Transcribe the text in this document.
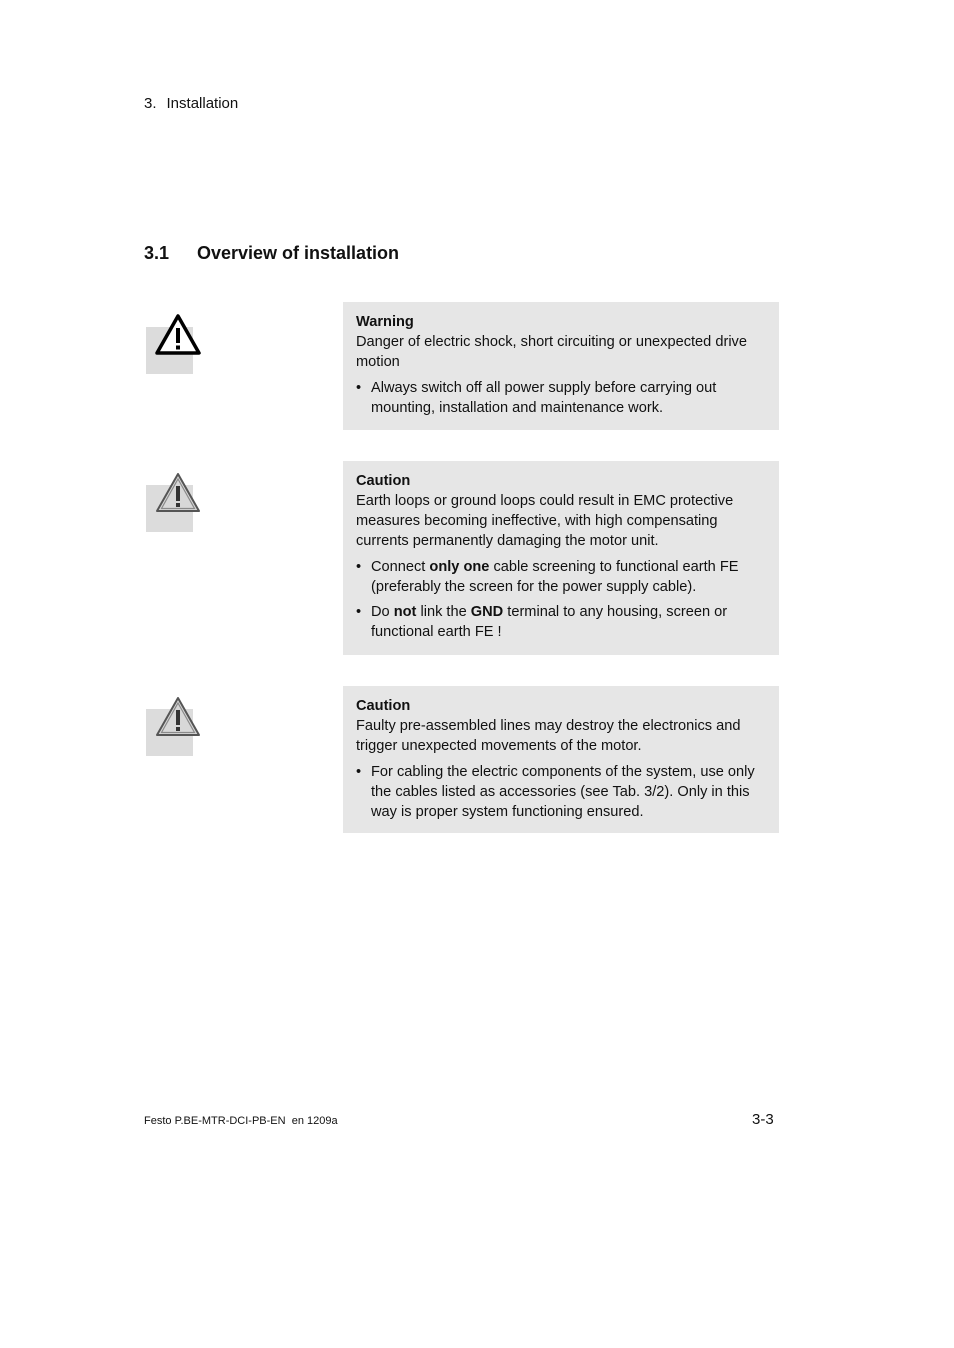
3. Installation
3.1 Overview of installation

Warning

Danger of electric shock, short circuiting or unexpected drive motion

• Always switch off all power supply before carrying out mounting, installation and maintenance work.

Caution

Earth loops or ground loops could result in EMC protective measures becoming ineffective, with high compensating currents permanently damaging the motor unit.

• Connect only one cable screening to functional earth FE (preferably the screen for the power supply cable).
• Do not link the GND terminal to any housing, screen or functional earth FE !

Caution

Faulty pre-assembled lines may destroy the electronics and trigger unexpected movements of the motor.

• For cabling the electric components of the system, use only the cables listed as accessories (see Tab. 3/2). Only in this way is proper system functioning ensured.
Festo P.BE-MTR-DCI-PB-EN  en 1209a	3-3
